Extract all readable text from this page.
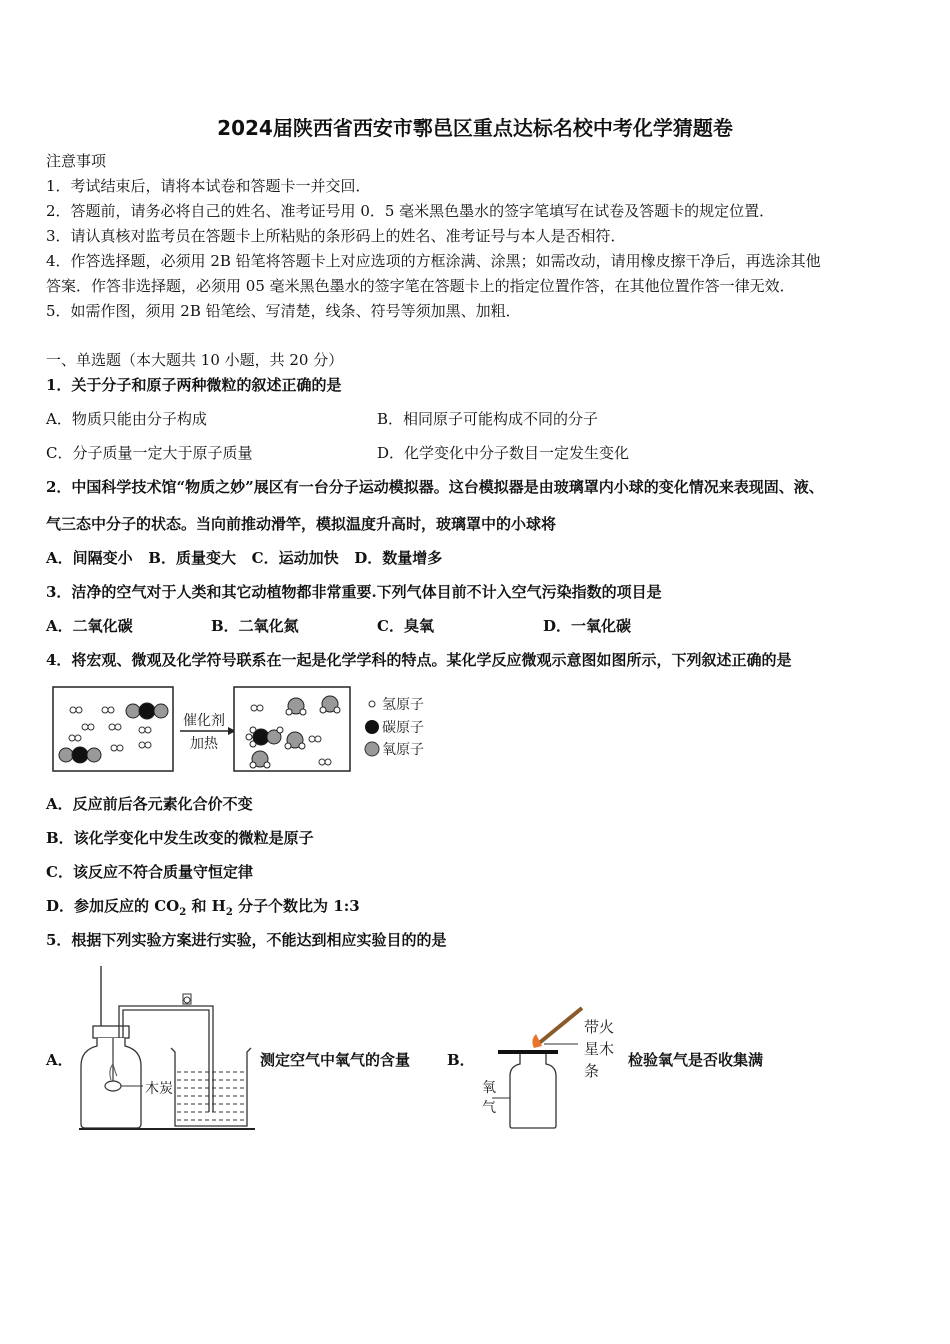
2024届陕西省西安市鄠邑区重点达标名校中考化学猜题卷
注意事项
1．考试结束后，请将本试卷和答题卡一并交回．
2．答题前，请务必将自己的姓名、准考证号用 0．5 毫米黑色墨水的签字笔填写在试卷及答题卡的规定位置．
3．请认真核对监考员在答题卡上所粘贴的条形码上的姓名、准考证号与本人是否相符．
4．作答选择题，必须用 2B 铅笔将答题卡上对应选项的方框涂满、涂黑；如需改动，请用橡皮擦干净后，再选涂其他
答案．作答非选择题，必须用 05 毫米黑色墨水的签字笔在答题卡上的指定位置作答，在其他位置作答一律无效．
5．如需作图，须用 2B 铅笔绘、写清楚，线条、符号等须加黑、加粗．
一、单选题（本大题共 10 小题，共 20 分）
1．关于分子和原子两种微粒的叙述正确的是
A．物质只能由分子构成	B．相同原子可能构成不同的分子
C．分子质量一定大于原子质量	D．化学变化中分子数目一定发生变化
2．中国科学技术馆“物质之妙”展区有一台分子运动模拟器。这台模拟器是由玻璃罩内小球的变化情况来表现固、液、
气三态中分子的状态。当向前推动滑竿，模拟温度升高时，玻璃罩中的小球将
A．间隔变小   B．质量变大   C．运动加快   D．数量增多
3．洁净的空气对于人类和其它动植物都非常重要.下列气体目前不计入空气污染指数的项目是
A．二氧化碳	B．二氧化氮	C．臭氧	D．一氧化碳
4．将宏观、微观及化学符号联系在一起是化学学科的特点。某化学反应微观示意图如图所示，下列叙述正确的是
催化剂
加热
氢原子
碳原子
氧原子
A．反应前后各元素化合价不变
B．该化学变化中发生改变的微粒是原子
C．该反应不符合质量守恒定律
D．参加反应的 $CO_2$ 和 $H_2$ 分子个数比为 1:3
5．根据下列实验方案进行实验，不能达到相应实验目的的是
A．
木炭
测定空气中氧气的含量 B．
氧
气
带火
星木
条
检验氧气是否收集满
